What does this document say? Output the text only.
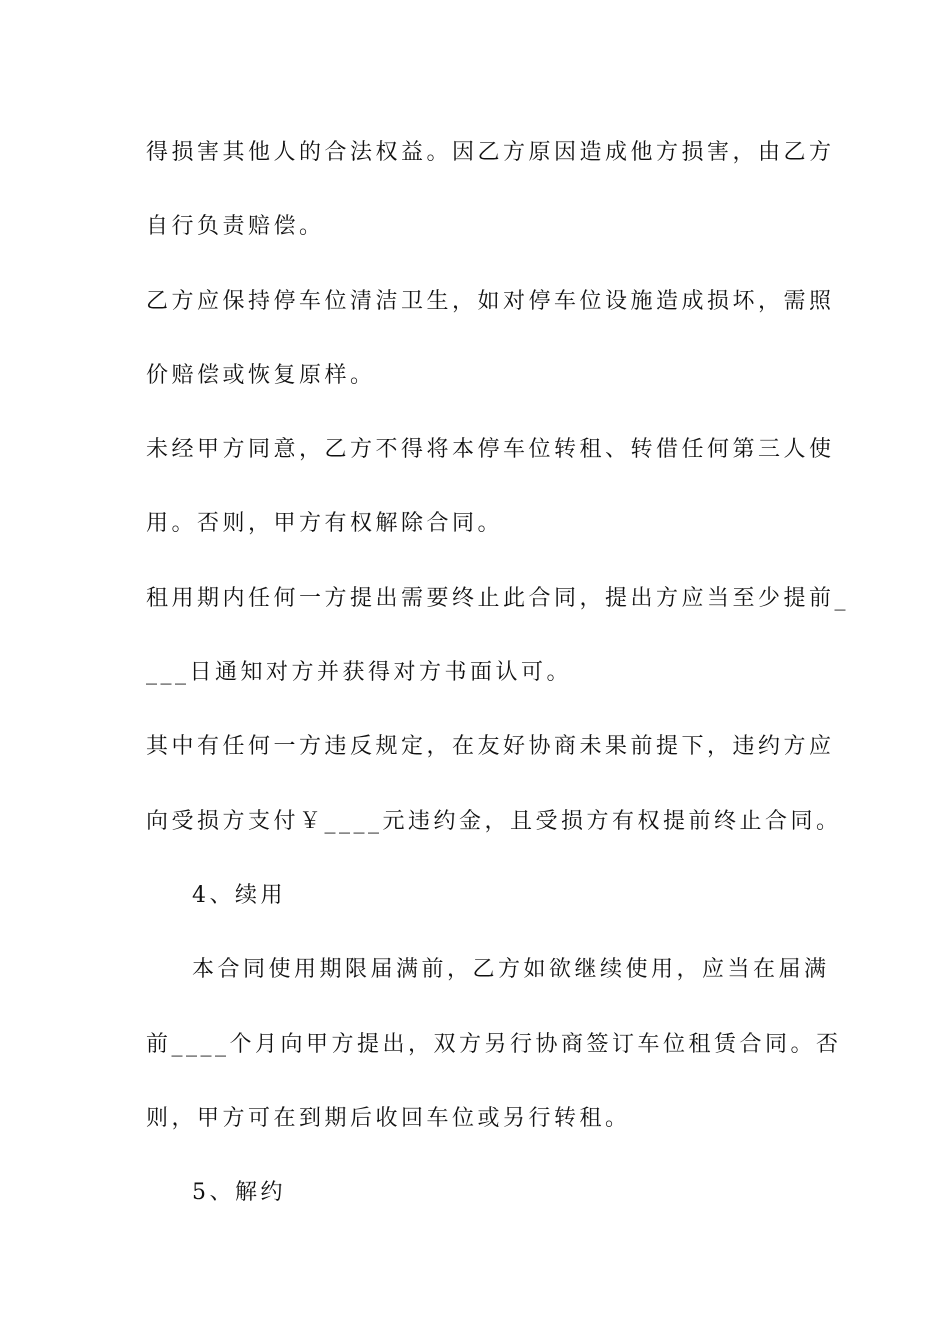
得损害其他人的合法权益。因乙方原因造成他方损害，由乙方

自行负责赔偿。

乙方应保持停车位清洁卫生，如对停车位设施造成损坏，需照

价赔偿或恢复原样。

未经甲方同意，乙方不得将本停车位转租、转借任何第三人使

用。否则，甲方有权解除合同。

租用期内任何一方提出需要终止此合同，提出方应当至少提前_

___日通知对方并获得对方书面认可。

其中有任何一方违反规定，在友好协商未果前提下，违约方应

向受损方支付￥____元违约金，且受损方有权提前终止合同。

4、续用

本合同使用期限届满前，乙方如欲继续使用，应当在届满

前____个月向甲方提出，双方另行协商签订车位租赁合同。否

则，甲方可在到期后收回车位或另行转租。

5、解约
